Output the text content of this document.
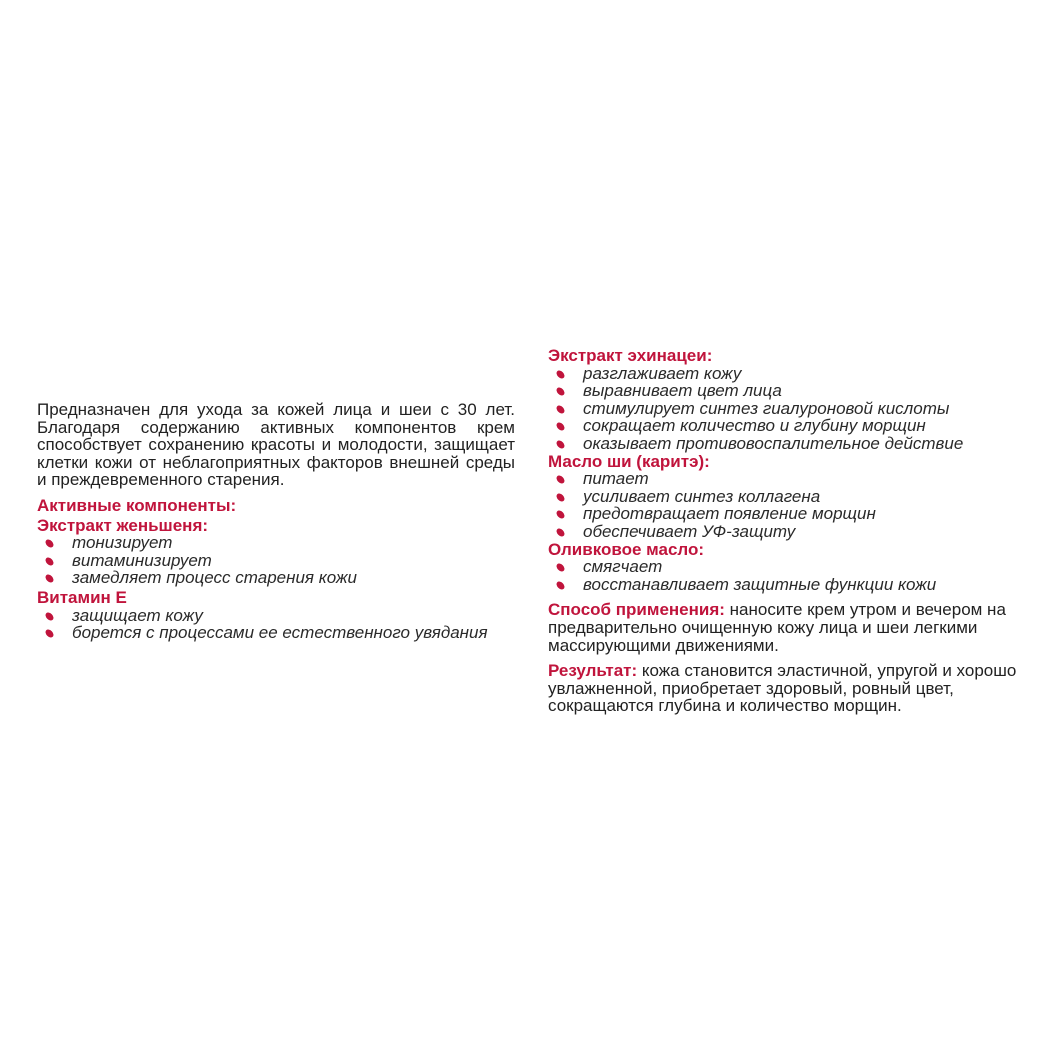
Предназначен для ухода за кожей лица и шеи с 30 лет. Благодаря содержанию активных компонентов крем способствует сохранению красоты и молодости, защищает клетки кожи от неблагоприятных факторов внешней среды и преждевременного старения.

Активные компоненты:
Экстракт женьшеня:
тонизирует
витаминизирует
замедляет процесс старения кожи
Витамин Е
защищает кожу
борется с процессами ее естественного увядания
Экстракт эхинацеи:
разглаживает кожу
выравнивает цвет лица
стимулирует синтез гиалуроновой кислоты
сокращает количество и глубину морщин
оказывает противовоспалительное действие
Масло ши (каритэ):
питает
усиливает синтез коллагена
предотвращает появление морщин
обеспечивает УФ-защиту
Оливковое масло:
смягчает
восстанавливает защитные функции кожи

Способ применения: наносите крем утром и вечером на предварительно очищенную кожу лица и шеи легкими массирующими движениями.

Результат: кожа становится эластичной, упругой и хорошо увлажненной, приобретает здоровый, ровный цвет, сокращаются глубина и количество морщин.
